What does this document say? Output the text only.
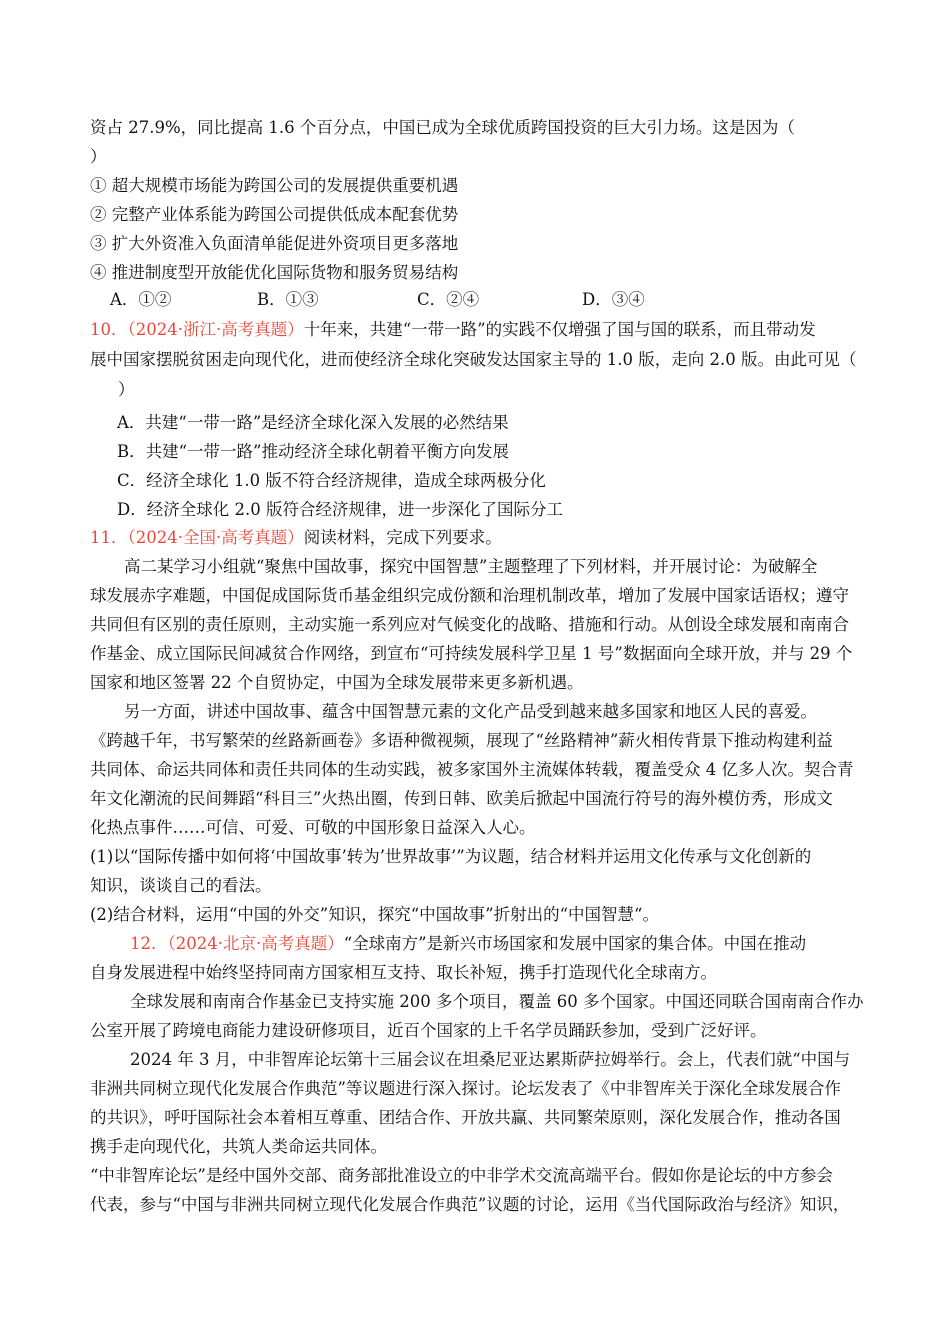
资占 27.9%，同比提高 1.6 个百分点，中国已成为全球优质跨国投资的巨大引力场。这是因为（
）
① 超大规模市场能为跨国公司的发展提供重要机遇
② 完整产业体系能为跨国公司提供低成本配套优势
③ 扩大外资准入负面清单能促进外资项目更多落地
④ 推进制度型开放能优化国际货物和服务贸易结构
A．①②	B．①③	C．②④	D．③④
10．（2024·浙江·高考真题）十年来，共建“一带一路”的实践不仅增强了国与国的联系，而且带动发
展中国家摆脱贫困走向现代化，进而使经济全球化突破发达国家主导的 1.0 版，走向 2.0 版。由此可见（
）
A．共建“一带一路”是经济全球化深入发展的必然结果
B．共建“一带一路”推动经济全球化朝着平衡方向发展
C．经济全球化 1.0 版不符合经济规律，造成全球两极分化
D．经济全球化 2.0 版符合经济规律，进一步深化了国际分工
11．（2024·全国·高考真题）阅读材料，完成下列要求。
高二某学习小组就“聚焦中国故事，探究中国智慧”主题整理了下列材料，并开展讨论：为破解全
球发展赤字难题，中国促成国际货币基金组织完成份额和治理机制改革，增加了发展中国家话语权；遵守
共同但有区别的责任原则，主动实施一系列应对气候变化的战略、措施和行动。从创设全球发展和南南合
作基金、成立国际民间减贫合作网络，到宣布“可持续发展科学卫星 1 号”数据面向全球开放，并与 29 个
国家和地区签署 22 个自贸协定，中国为全球发展带来更多新机遇。
另一方面，讲述中国故事、蕴含中国智慧元素的文化产品受到越来越多国家和地区人民的喜爱。
《跨越千年，书写繁荣的丝路新画卷》多语种微视频，展现了“丝路精神”薪火相传背景下推动构建利益
共同体、命运共同体和责任共同体的生动实践，被多家国外主流媒体转载，覆盖受众 4 亿多人次。契合青
年文化潮流的民间舞蹈“科目三”火热出圈，传到日韩、欧美后掀起中国流行符号的海外模仿秀，形成文
化热点事件……可信、可爱、可敬的中国形象日益深入人心。
(1)以“国际传播中如何将‘中国故事’转为’世界故事’”为议题，结合材料并运用文化传承与文化创新的
知识，谈谈自己的看法。
(2)结合材料，运用“中国的外交”知识，探究“中国故事”折射出的“中国智慧“。
12．（2024·北京·高考真题）“全球南方”是新兴市场国家和发展中国家的集合体。中国在推动
自身发展进程中始终坚持同南方国家相互支持、取长补短，携手打造现代化全球南方。
全球发展和南南合作基金已支持实施 200 多个项目，覆盖 60 多个国家。中国还同联合国南南合作办
公室开展了跨境电商能力建设研修项目，近百个国家的上千名学员踊跃参加，受到广泛好评。
2024 年 3 月，中非智库论坛第十三届会议在坦桑尼亚达累斯萨拉姆举行。会上，代表们就“中国与
非洲共同树立现代化发展合作典范”等议题进行深入探讨。论坛发表了《中非智库关于深化全球发展合作
的共识》，呼吁国际社会本着相互尊重、团结合作、开放共赢、共同繁荣原则，深化发展合作，推动各国
携手走向现代化，共筑人类命运共同体。
“中非智库论坛”是经中国外交部、商务部批准设立的中非学术交流高端平台。假如你是论坛的中方参会
代表，参与“中国与非洲共同树立现代化发展合作典范”议题的讨论，运用《当代国际政治与经济》知识，
